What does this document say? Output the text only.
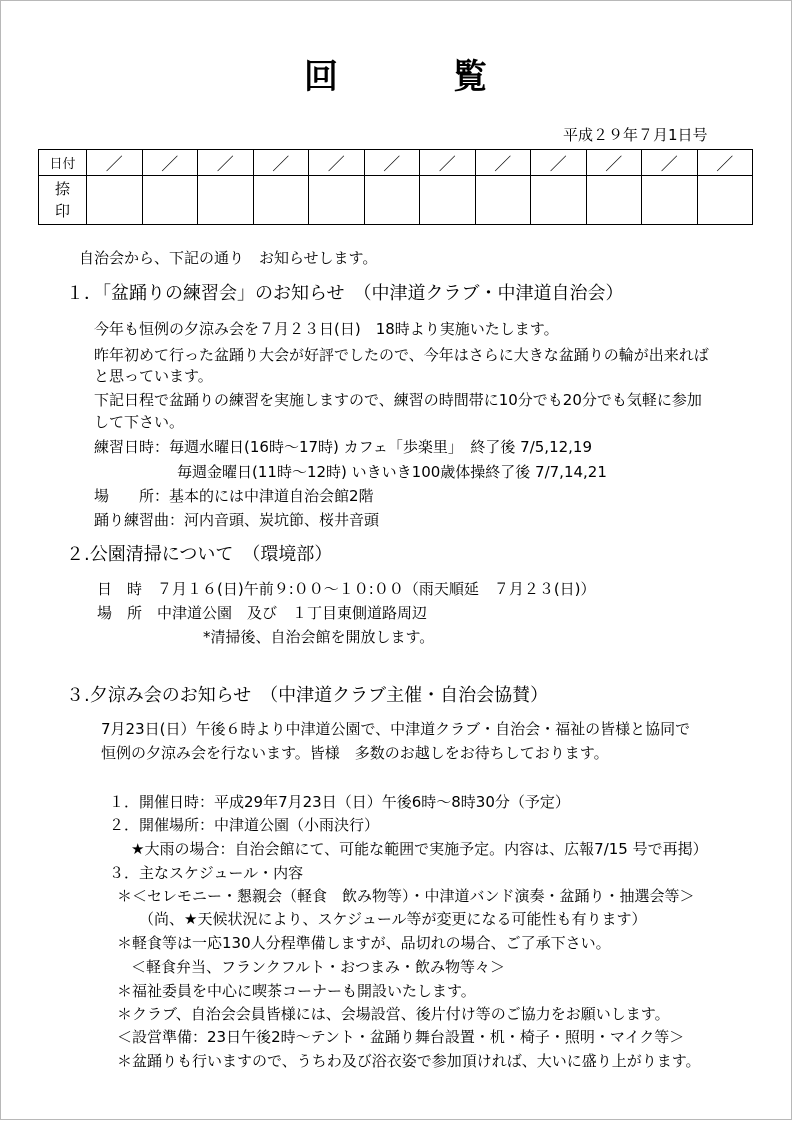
回	覧
平成２９年７月1日号
日付	／	／	／	／	／	／	／	／	／	／	／	／
捺
印												
自治会から、下記の通り　お知らせします。
１．「盆踊りの練習会」のお知らせ　（中津道クラブ・中津道自治会）
今年も恒例の夕涼み会を７月２３日(日)　18時より実施いたします。
昨年初めて行った盆踊り大会が好評でしたので、今年はさらに大きな盆踊りの輪が出来れば
と思っています。
下記日程で盆踊りの練習を実施しますので、練習の時間帯に10分でも20分でも気軽に参加
して下さい。
練習日時：毎週水曜日(16時～17時) カフェ「歩楽里」　終了後 7/5,12,19
毎週金曜日(11時～12時) いきいき100歳体操終了後 7/7,14,21
場　　所：基本的には中津道自治会館2階
踊り練習曲：河内音頭、炭坑節、桜井音頭
２.公園清掃について　（環境部）
日　時　７月１６(日)午前９:００～１０:００（雨天順延　７月２３(日)）
場　所　中津道公園　及び　１丁目東側道路周辺
*清掃後、自治会館を開放します。
３.夕涼み会のお知らせ　（中津道クラブ主催・自治会協賛）
7月23日(日）午後６時より中津道公園で、中津道クラブ・自治会・福祉の皆様と協同で
恒例の夕涼み会を行ないます。皆様　多数のお越しをお待ちしております。
１．開催日時：平成29年7月23日（日）午後6時～8時30分（予定）
２．開催場所：中津道公園（小雨決行）
★大雨の場合：自治会館にて、可能な範囲で実施予定。内容は、広報7/15 号で再掲）
３．主なスケジュール・内容
＊＜セレモニー・懇親会（軽食　飲み物等）・中津道バンド演奏・盆踊り・抽選会等＞
（尚、★天候状況により、スケジュール等が変更になる可能性も有ります）
＊軽食等は一応130人分程準備しますが、品切れの場合、ご了承下さい。
＜軽食弁当、フランクフルト・おつまみ・飲み物等々＞
＊福祉委員を中心に喫茶コーナーも開設いたします。
＊クラブ、自治会会員皆様には、会場設営、後片付け等のご協力をお願いします。
＜設営準備：23日午後2時～テント・盆踊り舞台設置・机・椅子・照明・マイク等＞
＊盆踊りも行いますので、うちわ及び浴衣姿で参加頂ければ、大いに盛り上がります。
